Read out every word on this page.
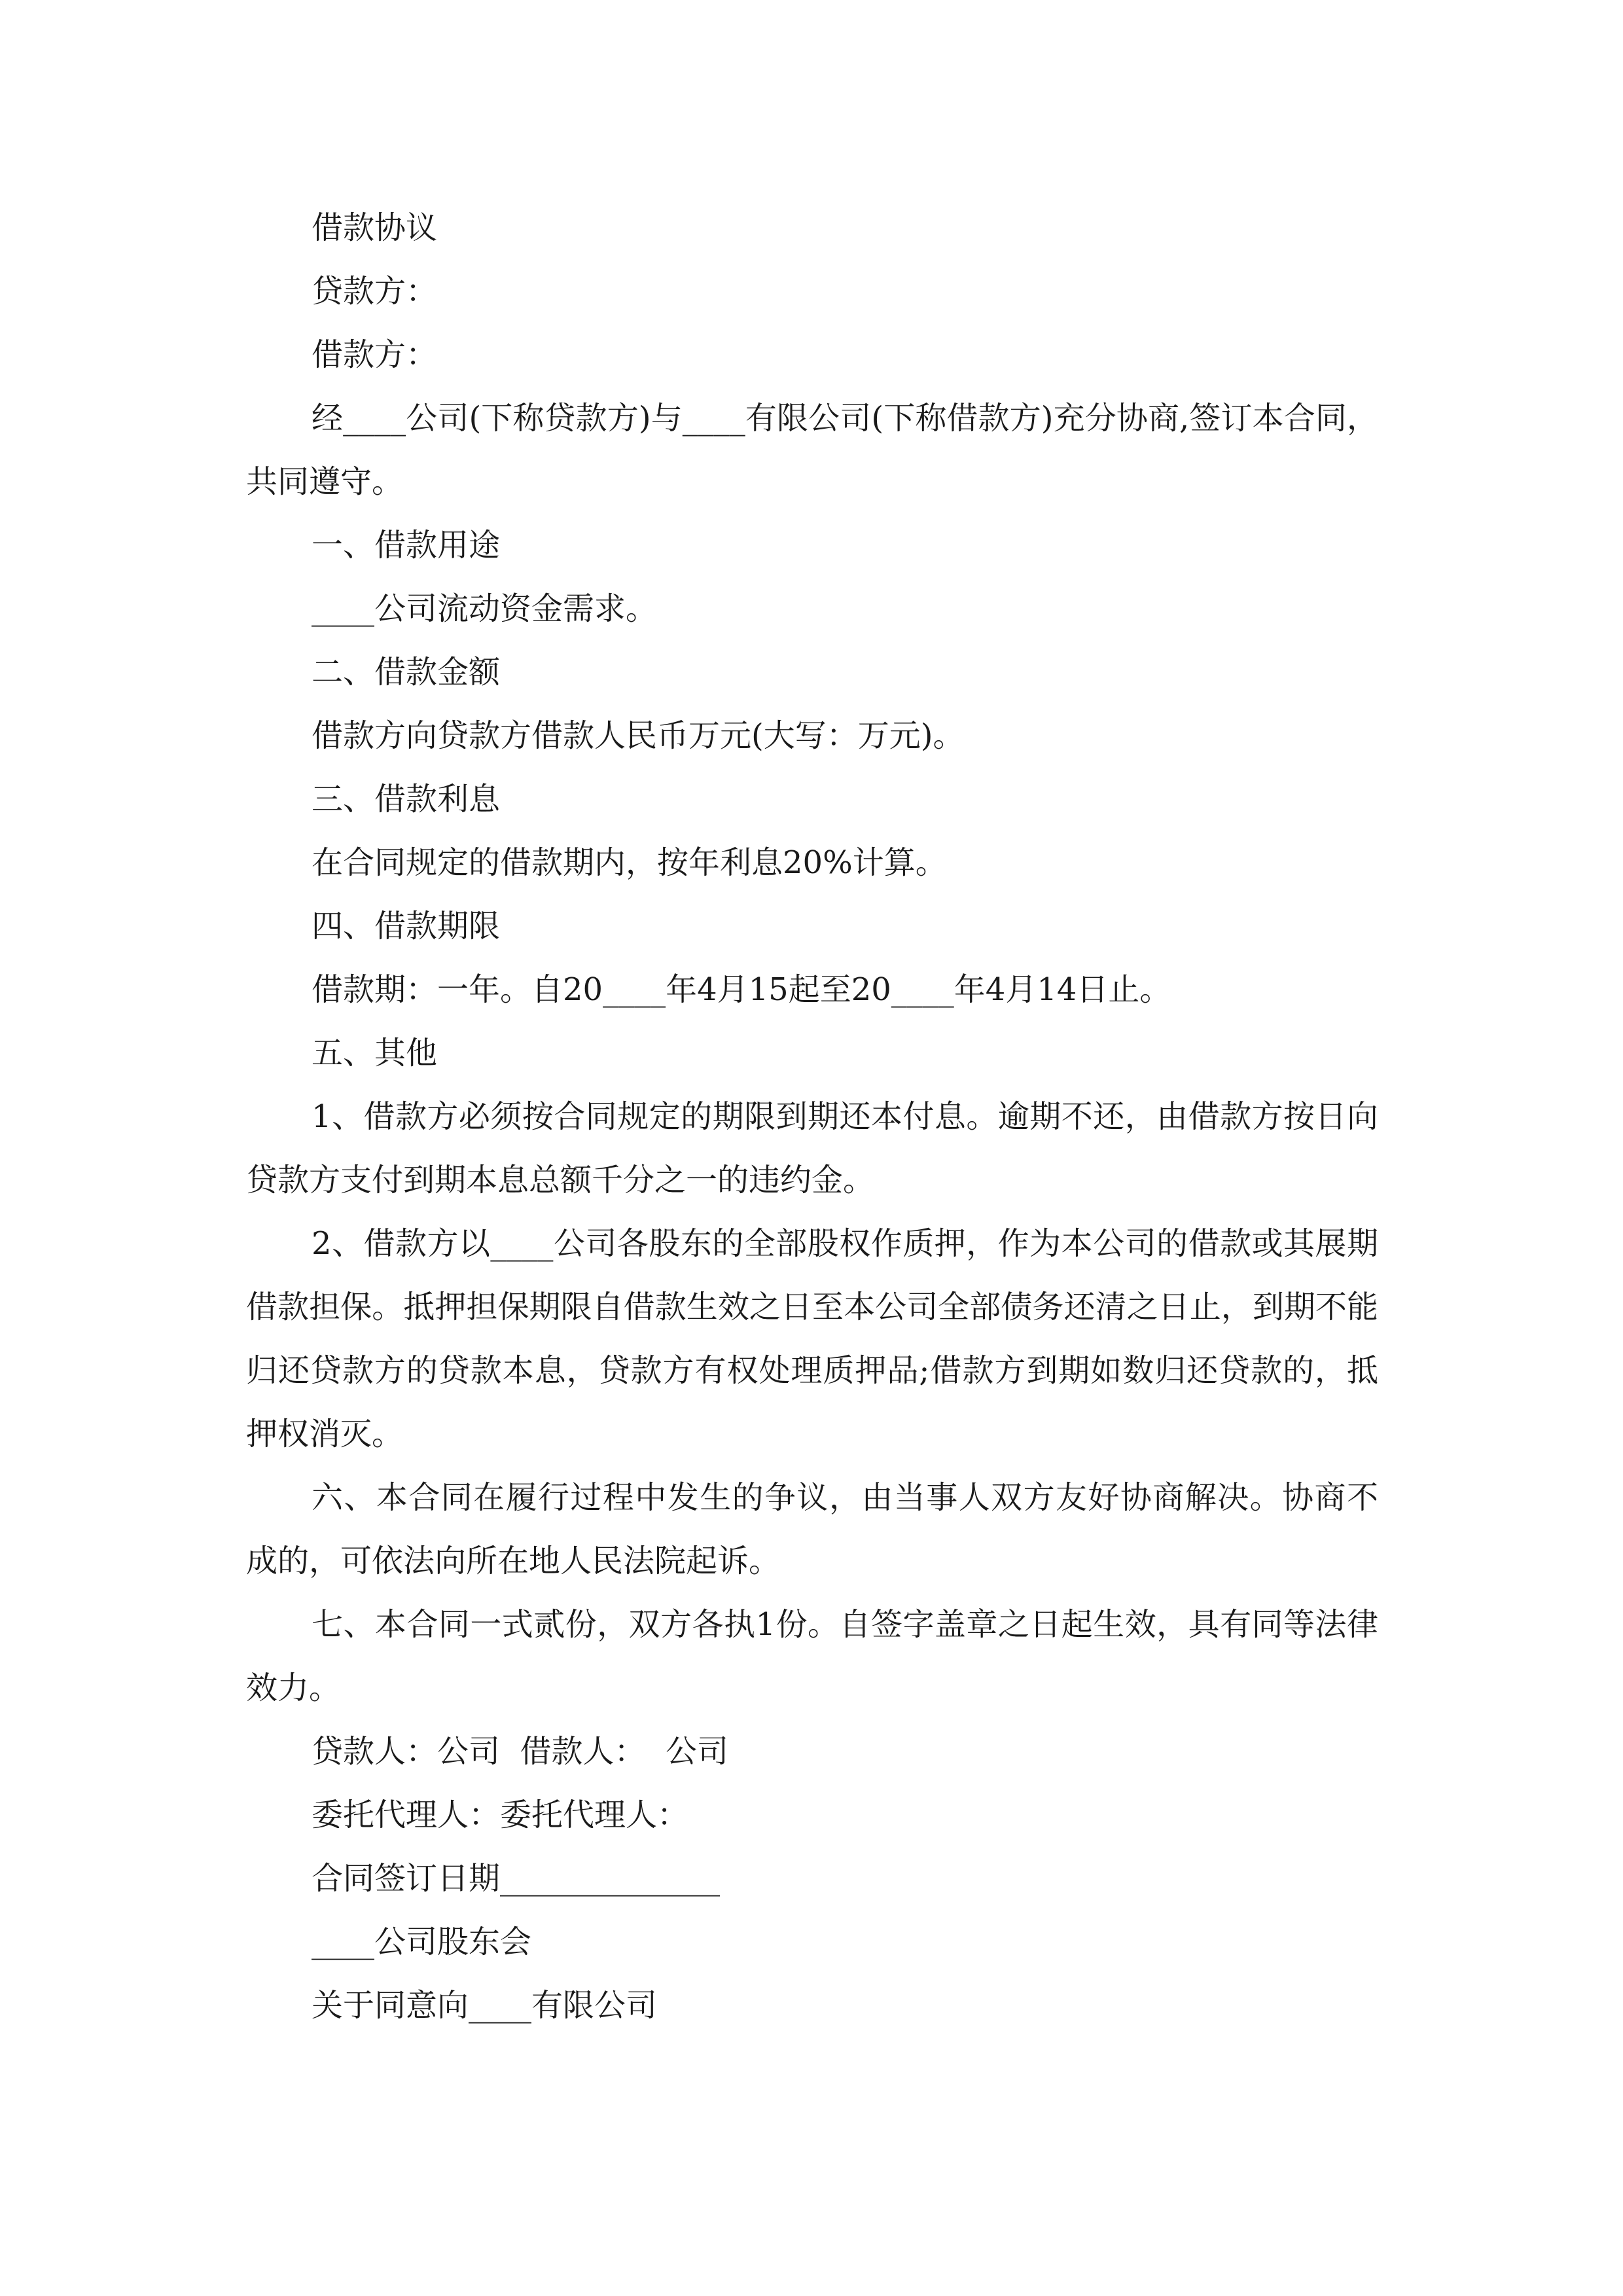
借款协议

贷款方：

借款方：

经____公司(下称贷款方)与____有限公司(下称借款方)充分协商,签订本合同，共同遵守。

一、借款用途

____公司流动资金需求。

二、借款金额

借款方向贷款方借款人民币万元(大写：万元)。

三、借款利息

在合同规定的借款期内，按年利息20%计算。

四、借款期限

借款期：一年。自20____年4月15起至20____年4月14日止。

五、其他

1、借款方必须按合同规定的期限到期还本付息。逾期不还，由借款方按日向贷款方支付到期本息总额千分之一的违约金。

2、借款方以____公司各股东的全部股权作质押，作为本公司的借款或其展期借款担保。抵押担保期限自借款生效之日至本公司全部债务还清之日止，到期不能归还贷款方的贷款本息，贷款方有权处理质押品;借款方到期如数归还贷款的，抵押权消灭。

六、本合同在履行过程中发生的争议，由当事人双方友好协商解决。协商不成的，可依法向所在地人民法院起诉。

七、本合同一式贰份，双方各执1份。自签字盖章之日起生效，具有同等法律效力。

贷款人：公司  借款人：  公司

委托代理人：委托代理人：

合同签订日期______________

____公司股东会

关于同意向____有限公司
